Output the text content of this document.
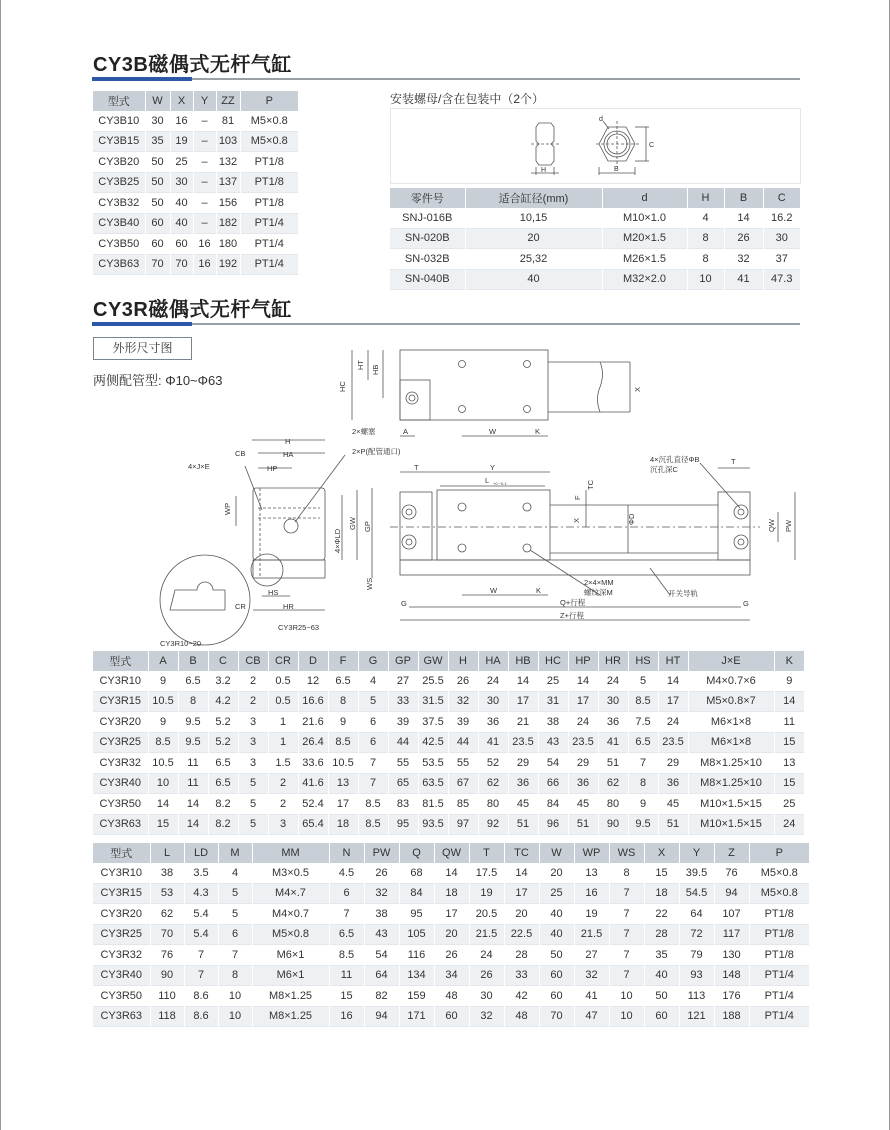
CY3B磁偶式无杆气缸
型式	W	X	Y	ZZ	P
CY3B10	30	16	–	81	M5×0.8
CY3B15	35	19	–	103	M5×0.8
CY3B20	50	25	–	132	PT1/8
CY3B25	50	30	–	137	PT1/8
CY3B32	50	40	–	156	PT1/8
CY3B40	60	40	–	182	PT1/4
CY3B50	60	60	16	180	PT1/4
CY3B63	70	70	16	192	PT1/4
安装螺母/含在包装中（2个）
H	B
C
d
零件号	适合缸径(mm)	d	H	B	C
SNJ-016B	10,15	M10×1.0	4	14	16.2
SN-020B	20	M20×1.5	8	26	30
SN-032B	25,32	M26×1.5	8	32	37
SN-040B	40	M32×2.0	10	41	47.3
CY3R磁偶式无杆气缸
外形尺寸图
两侧配管型: Φ10~Φ63	HC
HT HB
2×螺塞	A	W	K
X
H
CB	HA
HP
4×J×E
2×P(配管通口)
WP
4×ΦLD
GW GP
WS
HS
CR	HR
CY3R10~20
CY3R25~63
T	Y
L +0 −0.1	TC
F
X	ΦD
4×沉孔直径ΦB
沉孔深C
T
QW PW
2×4×MM
螺纹深M	开关导轨
W	K
Q+行程
G	G
Z+行程
型式	A	B	C	CB	CR	D	F	G	GP	GW	H	HA	HB	HC	HP	HR	HS	HT	J×E	K
CY3R10	9	6.5	3.2	2	0.5	12	6.5	4	27	25.5	26	24	14	25	14	24	5	14	M4×0.7×6	9
CY3R15	10.5	8	4.2	2	0.5	16.6	8	5	33	31.5	32	30	17	31	17	30	8.5	17	M5×0.8×7	14
CY3R20	9	9.5	5.2	3	1	21.6	9	6	39	37.5	39	36	21	38	24	36	7.5	24	M6×1×8	11
CY3R25	8.5	9.5	5.2	3	1	26.4	8.5	6	44	42.5	44	41	23.5	43	23.5	41	6.5	23.5	M6×1×8	15
CY3R32	10.5	11	6.5	3	1.5	33.6	10.5	7	55	53.5	55	52	29	54	29	51	7	29	M8×1.25×10	13
CY3R40	10	11	6.5	5	2	41.6	13	7	65	63.5	67	62	36	66	36	62	8	36	M8×1.25×10	15
CY3R50	14	14	8.2	5	2	52.4	17	8.5	83	81.5	85	80	45	84	45	80	9	45	M10×1.5×15	25
CY3R63	15	14	8.2	5	3	65.4	18	8.5	95	93.5	97	92	51	96	51	90	9.5	51	M10×1.5×15	24
型式	L	LD	M	MM	N	PW	Q	QW	T	TC	W	WP	WS	X	Y	Z	P
CY3R10	38	3.5	4	M3×0.5	4.5	26	68	14	17.5	14	20	13	8	15	39.5	76	M5×0.8
CY3R15	53	4.3	5	M4×.7	6	32	84	18	19	17	25	16	7	18	54.5	94	M5×0.8
CY3R20	62	5.4	5	M4×0.7	7	38	95	17	20.5	20	40	19	7	22	64	107	PT1/8
CY3R25	70	5.4	6	M5×0.8	6.5	43	105	20	21.5	22.5	40	21.5	7	28	72	117	PT1/8
CY3R32	76	7	7	M6×1	8.5	54	116	26	24	28	50	27	7	35	79	130	PT1/8
CY3R40	90	7	8	M6×1	11	64	134	34	26	33	60	32	7	40	93	148	PT1/4
CY3R50	110	8.6	10	M8×1.25	15	82	159	48	30	42	60	41	10	50	113	176	PT1/4
CY3R63	118	8.6	10	M8×1.25	16	94	171	60	32	48	70	47	10	60	121	188	PT1/4
